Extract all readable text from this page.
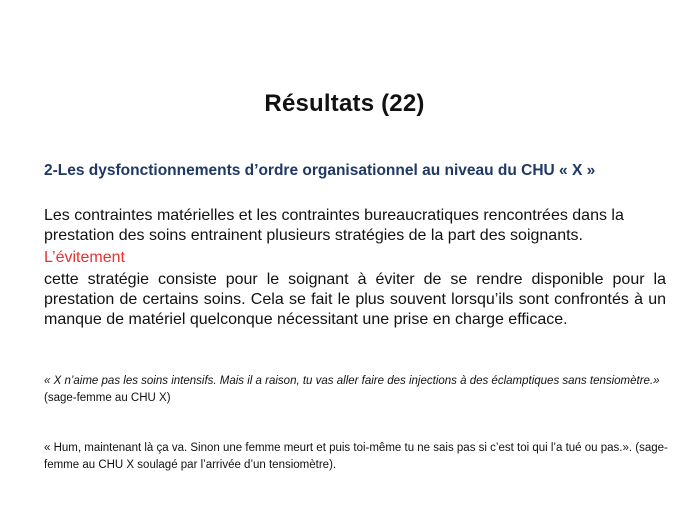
Résultats (22)
2-Les dysfonctionnements d’ordre organisationnel au niveau du CHU « X »
Les contraintes matérielles et les contraintes bureaucratiques rencontrées dans la prestation des soins entrainent plusieurs stratégies de la part des soignants.
L’évitement
cette stratégie consiste pour le soignant à éviter de se rendre disponible pour la prestation de certains soins. Cela se fait le plus souvent lorsqu’ils sont confrontés à un manque de matériel quelconque nécessitant une prise en charge efficace.
« X n’aime pas les soins intensifs. Mais il a raison, tu vas aller faire des injections à des éclamptiques sans tensiomètre.» (sage-femme au CHU X)
« Hum, maintenant là ça va. Sinon une femme meurt et puis toi-même tu ne sais pas si c’est toi qui l’a tué ou pas.». (sage-femme au CHU X soulagé par l’arrivée d’un tensiomètre).
